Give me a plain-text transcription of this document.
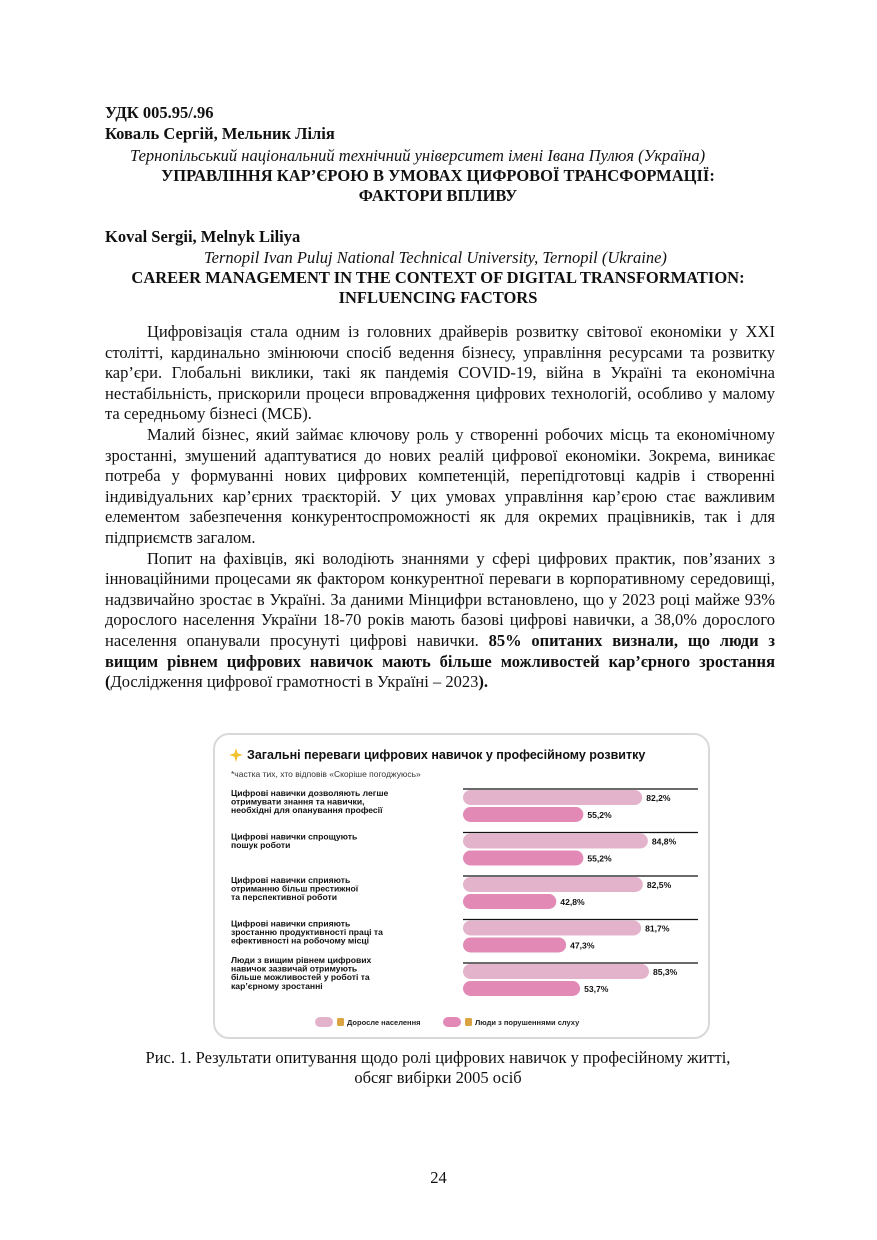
УДК 005.95/.96
Коваль Сергій, Мельник Лілія
Тернопільський національний технічний університет імені Івана Пулюя (Україна)
УПРАВЛІННЯ КАР’ЄРОЮ В УМОВАХ ЦИФРОВОЇ ТРАНСФОРМАЦІЇ:
ФАКТОРИ ВПЛИВУ
Koval Sergii, Melnyk Liliya
Ternopil Ivan Puluj National Technical University, Ternopil (Ukraine)
CAREER MANAGEMENT IN THE CONTEXT OF DIGITAL TRANSFORMATION:
INFLUENCING FACTORS

Цифровізація стала одним із головних драйверів розвитку світової економіки у XXI столітті, кардинально змінюючи спосіб ведення бізнесу, управління ресурсами та розвитку кар’єри. Глобальні виклики, такі як пандемія COVID-19, війна в Україні та економічна нестабільність, прискорили процеси впровадження цифрових технологій, особливо у малому та середньому бізнесі (МСБ).

Малий бізнес, який займає ключову роль у створенні робочих місць та економічному зростанні, змушений адаптуватися до нових реалій цифрової економіки. Зокрема, виникає потреба у формуванні нових цифрових компетенцій, перепідготовці кадрів і створенні індивідуальних кар’єрних траєкторій. У цих умовах управління кар’єрою стає важливим елементом забезпечення конкурентоспроможності як для окремих працівників, так і для підприємств загалом.

Попит на фахівців, які володіють знаннями у сфері цифрових практик, пов’язаних з інноваційними процесами як фактором конкурентної переваги в корпоративному середовищі, надзвичайно зростає в Україні. За даними Мінцифри встановлено, що у 2023 році майже 93% дорослого населення України 18-70 років мають базові цифрові навички, а 38,0% дорослого населення опанували просунуті цифрові навички. 85% опитаних визнали, що люди з вищим рівнем цифрових навичок мають більше можливостей кар’єрного зростання (Дослідження цифрової грамотності в Україні – 2023).

Загальні переваги цифрових навичок у професійному розвитку
*частка тих, хто відповів «Скоріше погоджуюсь»
Цифрові навички дозволяють легше
отримувати знання та навички,
необхідні для опанування професії
82,2%
55,2%
Цифрові навички спрощують
пошук роботи	84,8%
55,2%
Цифрові навички сприяють
отриманню більш престижної
та перспективної роботи
82,5%
42,8%
Цифрові навички сприяють
зростанню продуктивності праці та
ефективності на робочому місці
81,7%
47,3%
Люди з вищим рівнем цифрових
навичок зазвичай отримують
більше можливостей у роботі та
кар’єрному зростанні
85,3%
53,7%
Доросле населення	Люди з порушеннями слуху
Рис. 1. Результати опитування щодо ролі цифрових навичок у професійному житті,
обсяг вибірки 2005 осіб
24
